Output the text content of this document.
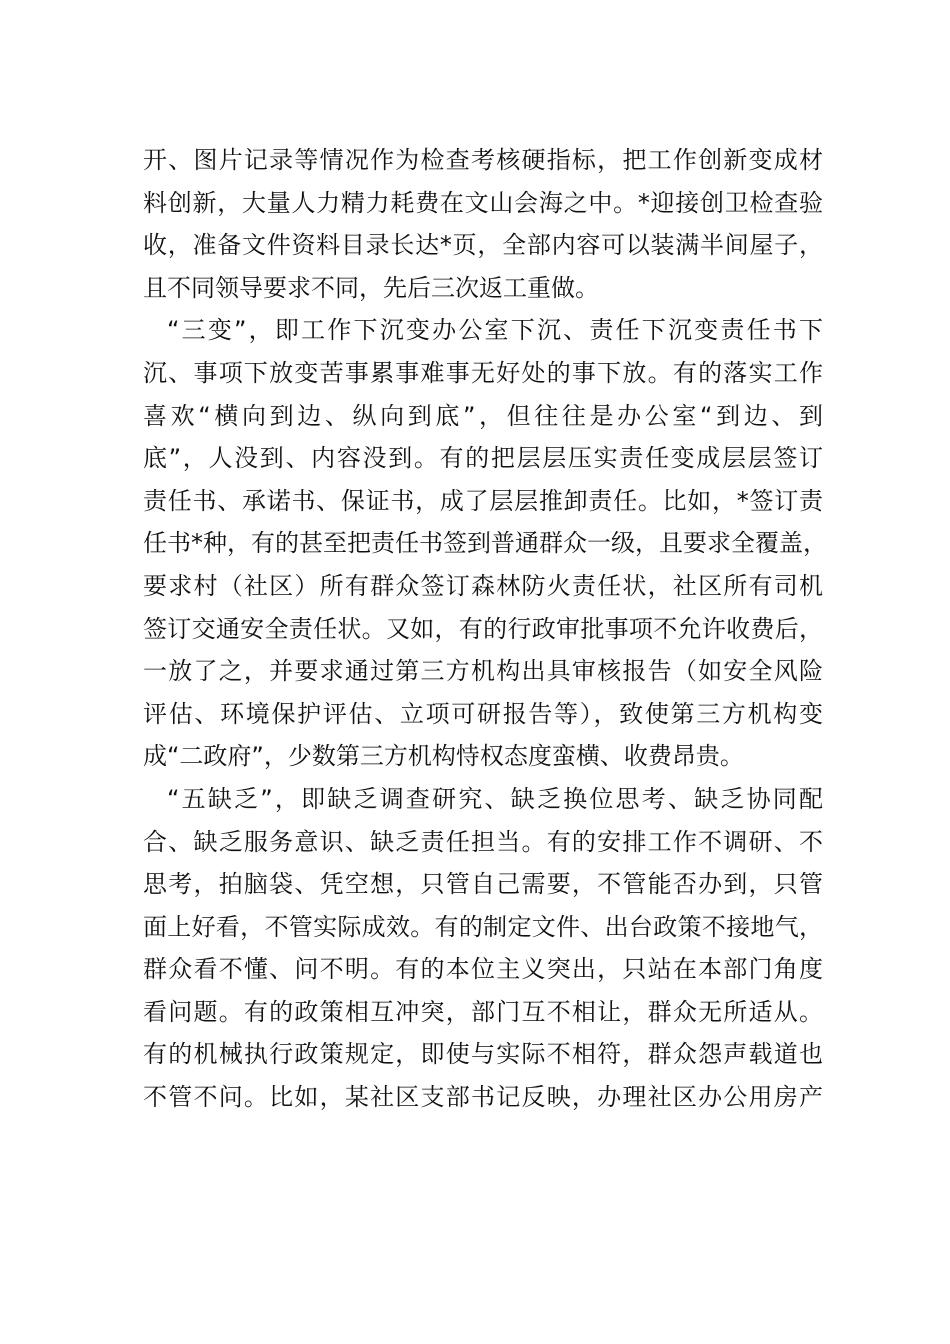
开、图片记录等情况作为检查考核硬指标，把工作创新变成材
料创新，大量人力精力耗费在文山会海之中。*迎接创卫检查验
收，准备文件资料目录长达*页，全部内容可以装满半间屋子，
且不同领导要求不同，先后三次返工重做。
“三变”，即工作下沉变办公室下沉、责任下沉变责任书下
沉、事项下放变苦事累事难事无好处的事下放。有的落实工作
喜欢“横向到边、纵向到底”，但往往是办公室“到边、到
底”，人没到、内容没到。有的把层层压实责任变成层层签订
责任书、承诺书、保证书，成了层层推卸责任。比如，*签订责
任书*种，有的甚至把责任书签到普通群众一级，且要求全覆盖，
要求村（社区）所有群众签订森林防火责任状，社区所有司机
签订交通安全责任状。又如，有的行政审批事项不允许收费后，
一放了之，并要求通过第三方机构出具审核报告（如安全风险
评估、环境保护评估、立项可研报告等），致使第三方机构变
成“二政府”，少数第三方机构恃权态度蛮横、收费昂贵。
“五缺乏”，即缺乏调查研究、缺乏换位思考、缺乏协同配
合、缺乏服务意识、缺乏责任担当。有的安排工作不调研、不
思考，拍脑袋、凭空想，只管自己需要，不管能否办到，只管
面上好看，不管实际成效。有的制定文件、出台政策不接地气，
群众看不懂、问不明。有的本位主义突出，只站在本部门角度
看问题。有的政策相互冲突，部门互不相让，群众无所适从。
有的机械执行政策规定，即使与实际不相符，群众怨声载道也
不管不问。比如，某社区支部书记反映，办理社区办公用房产
